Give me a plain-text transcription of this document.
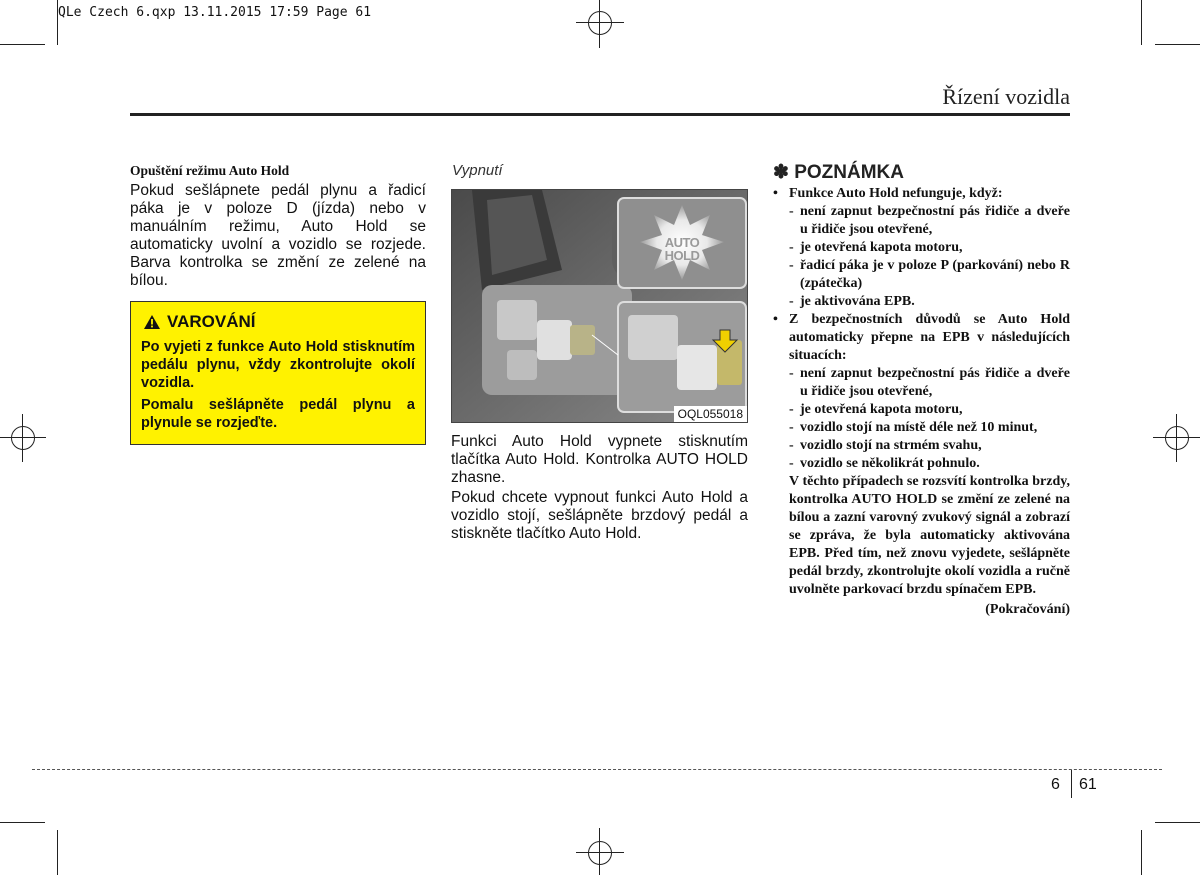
QLe Czech 6.qxp 13.11.2015 17:59 Page 61
Řízení vozidla

Opuštění režimu Auto Hold

Pokud sešlápnete pedál plynu a řadicí páka je v poloze D (jízda) nebo v manuálním režimu, Auto Hold se automaticky uvolní a vozidlo se rozjede. Barva kontrolka se změní ze zelené na bílou.

VAROVÁNÍ

Po vyjeti z funkce Auto Hold stisknutím pedálu plynu, vždy zkontrolujte okolí vozidla.

Pomalu sešlápněte pedál plynu a plynule se rozjeďte.

Vypnutí
AUTO
HOLD
OQL055018

Funkci Auto Hold vypnete stisknutím tlačítka Auto Hold. Kontrolka AUTO HOLD zhasne.

Pokud chcete vypnout funkci Auto Hold a vozidlo stojí, sešlápněte brzdový pedál a stiskněte tlačítko Auto Hold.

✽ POZNÁMKA
• Funkce Auto Hold nefunguje, když:
- není zapnut bezpečnostní pás řidiče a dveře u řidiče jsou otevřené,
- je otevřená kapota motoru,
- řadicí páka je v poloze P (parkování) nebo R (zpátečka)
- je aktivována EPB.
• Z bezpečnostních důvodů se Auto Hold automaticky přepne na EPB v následujících situacích:
- není zapnut bezpečnostní pás řidiče a dveře u řidiče jsou otevřené,
- je otevřená kapota motoru,
- vozidlo stojí na místě déle než 10 minut,
- vozidlo stojí na strmém svahu,
- vozidlo se několikrát pohnulo.
V těchto případech se rozsvítí kontrolka brzdy, kontrolka AUTO HOLD se změní ze zelené na bílou a zazní varovný zvukový signál a zobrazí se zpráva, že byla automaticky aktivována EPB. Před tím, než znovu vyjedete, sešlápněte pedál brzdy, zkontrolujte okolí vozidla a ručně uvolněte parkovací brzdu spínačem EPB.
(Pokračování)
6 61
